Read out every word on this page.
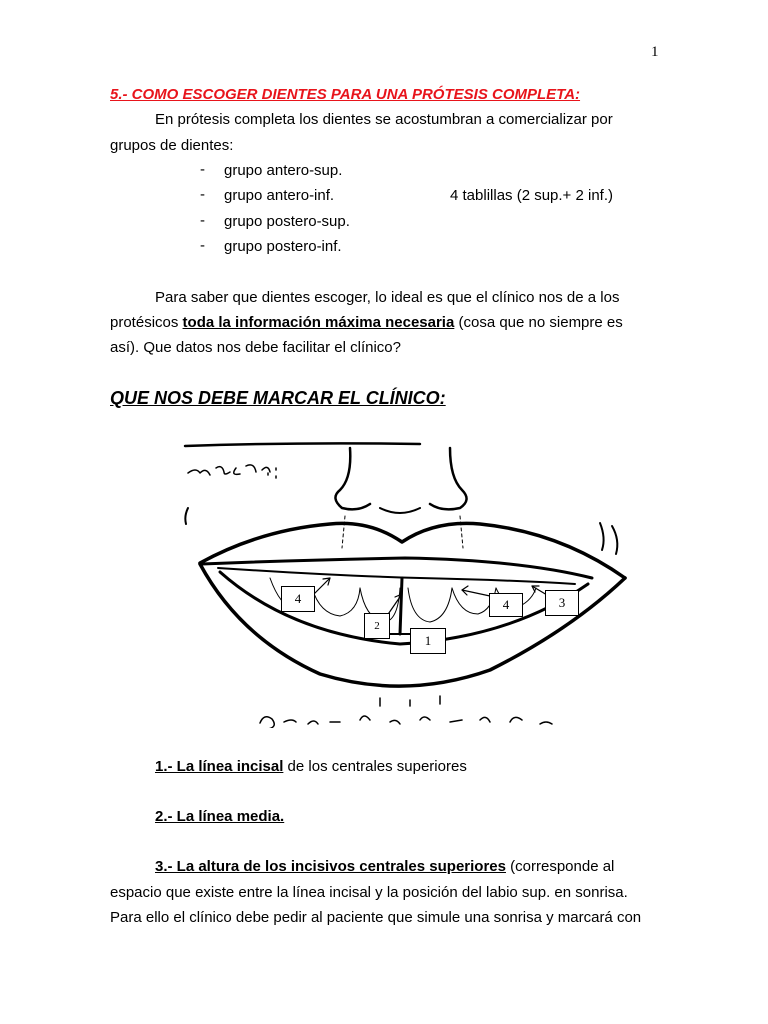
1
5.- COMO ESCOGER DIENTES PARA UNA PRÓTESIS COMPLETA:
En prótesis completa los dientes se acostumbran a comercializar por
grupos de dientes:
- grupo antero-sup.
- grupo antero-inf.	4 tablillas (2 sup.+ 2 inf.)
- grupo postero-sup.
- grupo postero-inf.
Para saber que dientes escoger, lo ideal es que el clínico nos de a los
protésicos toda la información máxima necesaria (cosa que no siempre es
así). Que datos nos debe facilitar el clínico?
QUE NOS DEBE MARCAR EL CLÍNICO:
4	4	3
2
1
1.- La línea incisal de los centrales superiores
2.- La línea media.
3.- La altura de los incisivos centrales superiores (corresponde al
espacio que existe entre la línea incisal y la posición del labio sup. en sonrisa.
Para ello el clínico debe pedir al paciente que simule una sonrisa y marcará con
